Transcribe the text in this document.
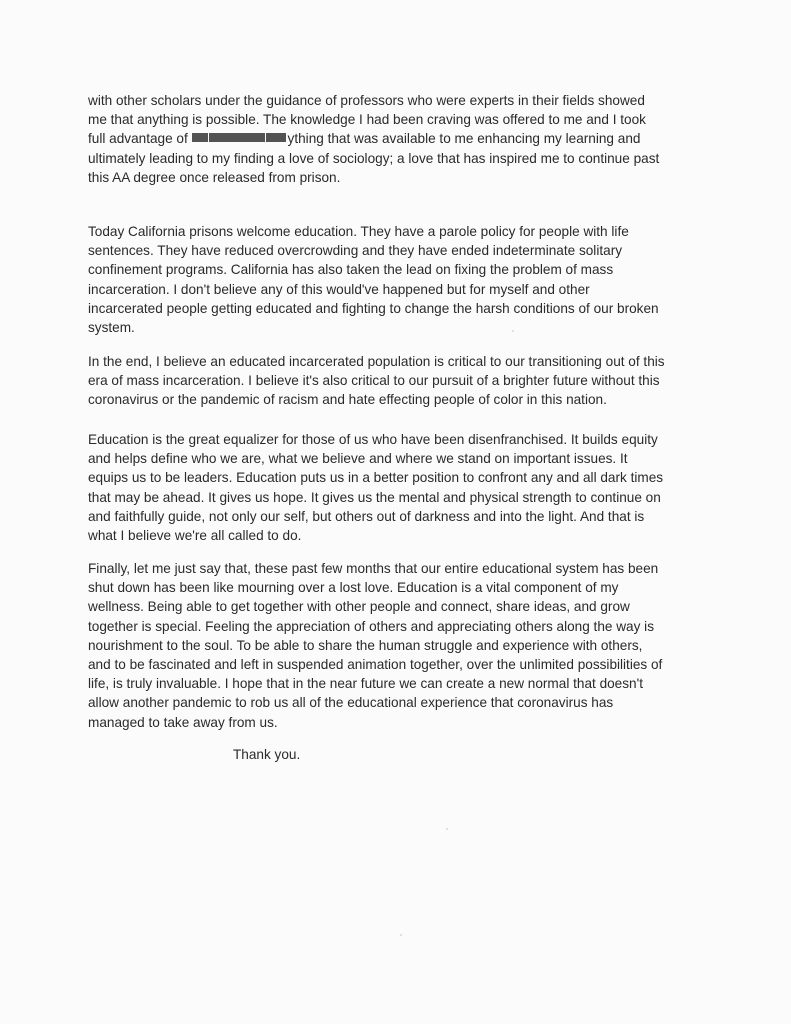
with other scholars under the guidance of professors who were experts in their fields showed
me that anything is possible. The knowledge I had been craving was offered to me and I took
full advantage of	ything that was available to me enhancing my learning and
ultimately leading to my finding a love of sociology; a love that has inspired me to continue past
this AA degree once released from prison.

Today California prisons welcome education. They have a parole policy for people with life
sentences. They have reduced overcrowding and they have ended indeterminate solitary
confinement programs. California has also taken the lead on fixing the problem of mass
incarceration. I don't believe any of this would've happened but for myself and other
incarcerated people getting educated and fighting to change the harsh conditions of our broken
system.

In the end, I believe an educated incarcerated population is critical to our transitioning out of this
era of mass incarceration. I believe it's also critical to our pursuit of a brighter future without this
coronavirus or the pandemic of racism and hate effecting people of color in this nation.

Education is the great equalizer for those of us who have been disenfranchised. It builds equity
and helps define who we are, what we believe and where we stand on important issues. It
equips us to be leaders. Education puts us in a better position to confront any and all dark times
that may be ahead. It gives us hope. It gives us the mental and physical strength to continue on
and faithfully guide, not only our self, but others out of darkness and into the light. And that is
what I believe we're all called to do.

Finally, let me just say that, these past few months that our entire educational system has been
shut down has been like mourning over a lost love. Education is a vital component of my
wellness. Being able to get together with other people and connect, share ideas, and grow
together is special. Feeling the appreciation of others and appreciating others along the way is
nourishment to the soul. To be able to share the human struggle and experience with others,
and to be fascinated and left in suspended animation together, over the unlimited possibilities of
life, is truly invaluable. I hope that in the near future we can create a new normal that doesn't
allow another pandemic to rob us all of the educational experience that coronavirus has
managed to take away from us.

Thank you.
